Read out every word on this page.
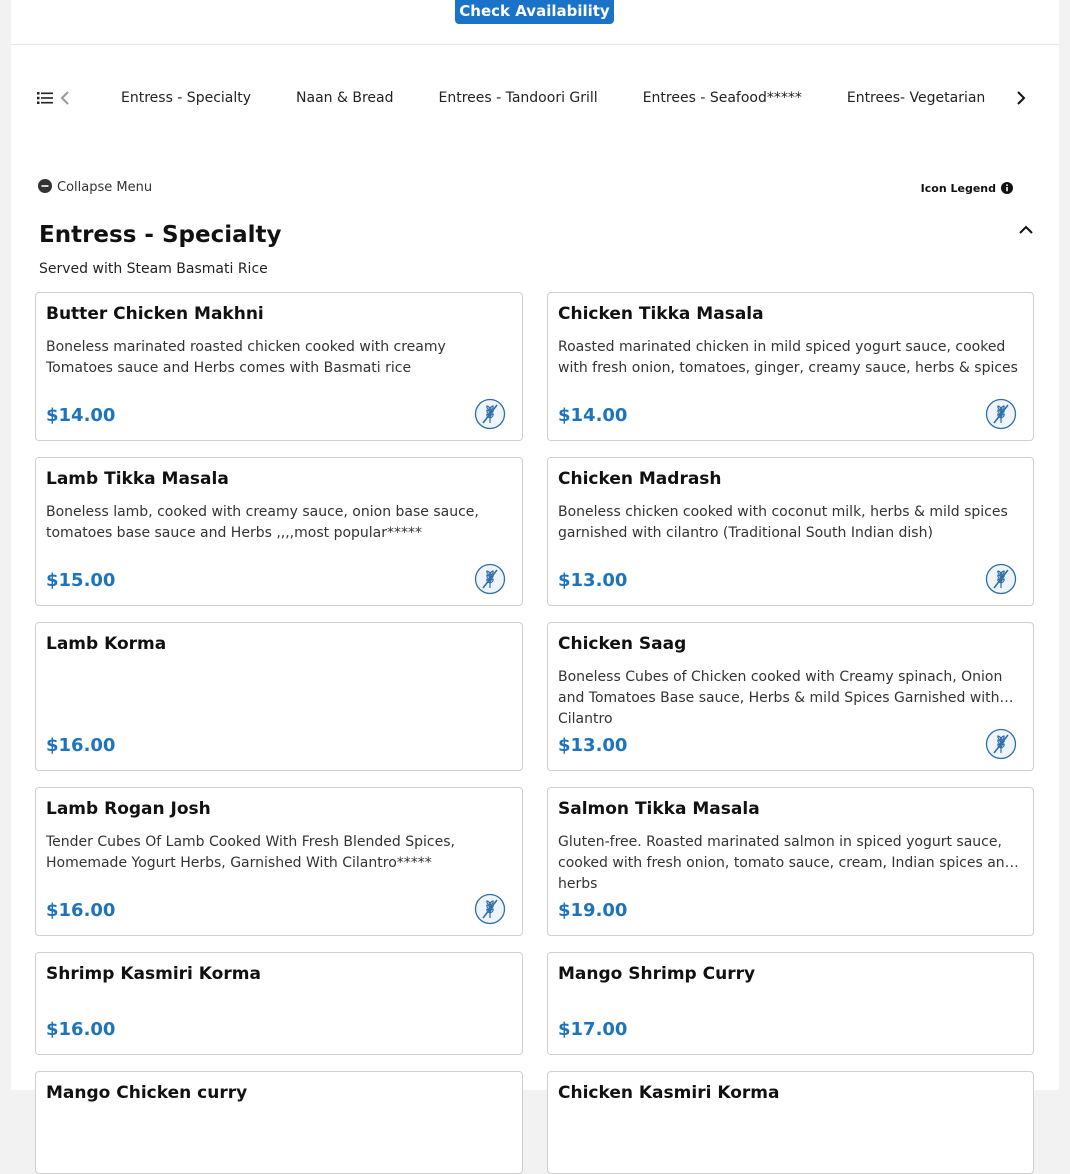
Check Availability
Entress - Specialty	Naan & Bread	Entrees - Tandoori Grill	Entrees - Seafood*****	Entrees- Vegetarian
Collapse Menu	Icon Legend
Entress - Specialty
Served with Steam Basmati Rice
Butter Chicken Makhni
Boneless marinated roasted chicken cooked with creamy Tomatoes sauce and Herbs comes with Basmati rice
$14.00
Chicken Tikka Masala
Roasted marinated chicken in mild spiced yogurt sauce, cooked with fresh onion, tomatoes, ginger, creamy sauce, herbs & spices
$14.00
Lamb Tikka Masala
Boneless lamb, cooked with creamy sauce, onion base sauce, tomatoes base sauce and Herbs ,,,,most popular*****
$15.00
Chicken Madrash
Boneless chicken cooked with coconut milk, herbs & mild spices garnished with cilantro (Traditional South Indian dish)
$13.00
Lamb Korma
$16.00
Chicken Saag
Boneless Cubes of Chicken cooked with Creamy spinach, Onion and Tomatoes Base sauce, Herbs & mild Spices Garnished with Cilantro
$13.00
Lamb Rogan Josh
Tender Cubes Of Lamb Cooked With Fresh Blended Spices, Homemade Yogurt Herbs, Garnished With Cilantro*****
$16.00
Salmon Tikka Masala
Gluten-free. Roasted marinated salmon in spiced yogurt sauce, cooked with fresh onion, tomato sauce, cream, Indian spices and herbs
$19.00
Shrimp Kasmiri Korma
$16.00
Mango Shrimp Curry
$17.00
Mango Chicken curry	Chicken Kasmiri Korma
